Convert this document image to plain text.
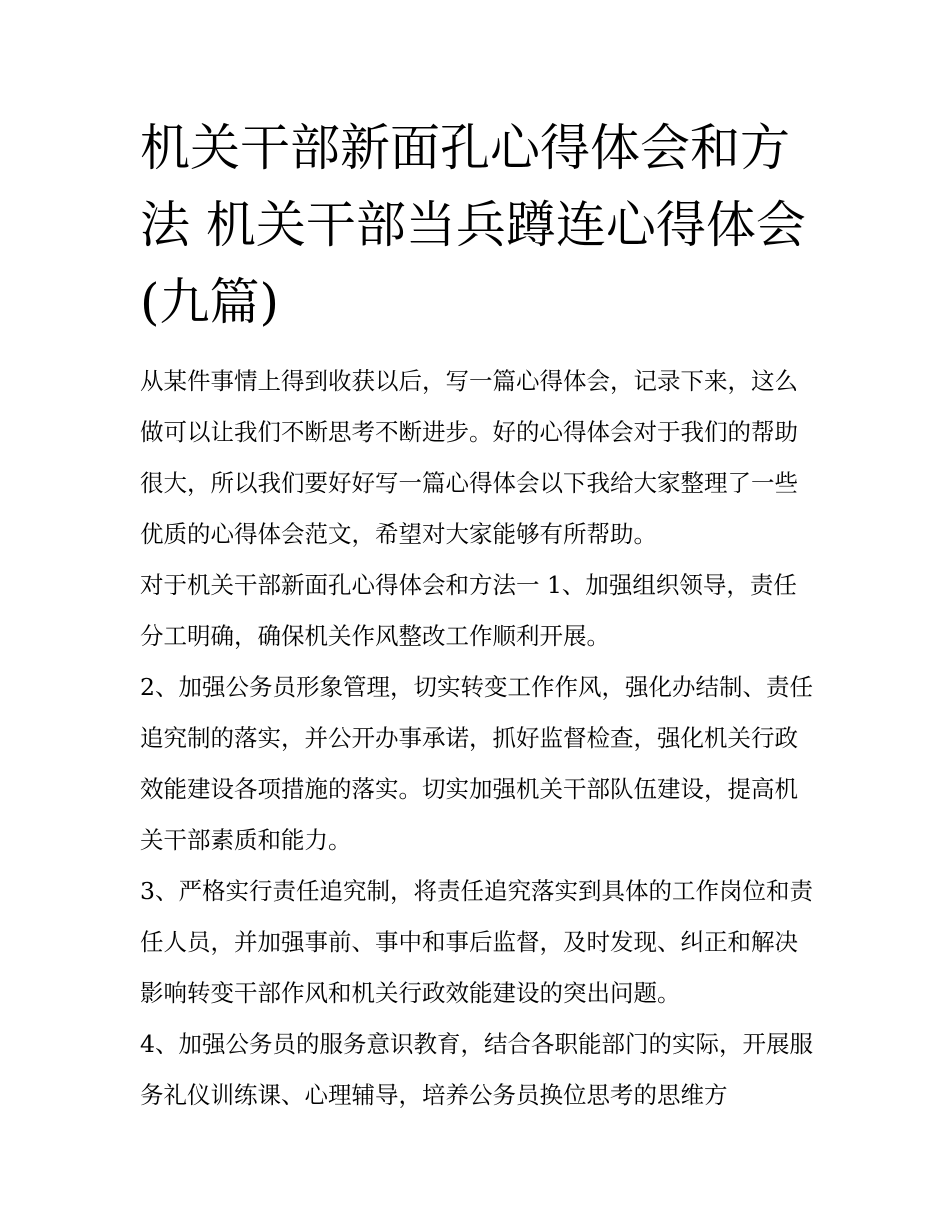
机关干部新面孔心得体会和方法 机关干部当兵蹲连心得体会(九篇)

从某件事情上得到收获以后，写一篇心得体会，记录下来，这么做可以让我们不断思考不断进步。好的心得体会对于我们的帮助很大，所以我们要好好写一篇心得体会以下我给大家整理了一些优质的心得体会范文，希望对大家能够有所帮助。

对于机关干部新面孔心得体会和方法一 1、加强组织领导，责任分工明确，确保机关作风整改工作顺利开展。

2、加强公务员形象管理，切实转变工作作风，强化办结制、责任追究制的落实，并公开办事承诺，抓好监督检查，强化机关行政效能建设各项措施的落实。切实加强机关干部队伍建设，提高机关干部素质和能力。

3、严格实行责任追究制，将责任追究落实到具体的工作岗位和责任人员，并加强事前、事中和事后监督，及时发现、纠正和解决影响转变干部作风和机关行政效能建设的突出问题。

4、加强公务员的服务意识教育，结合各职能部门的实际，开展服务礼仪训练课、心理辅导，培养公务员换位思考的思维方
